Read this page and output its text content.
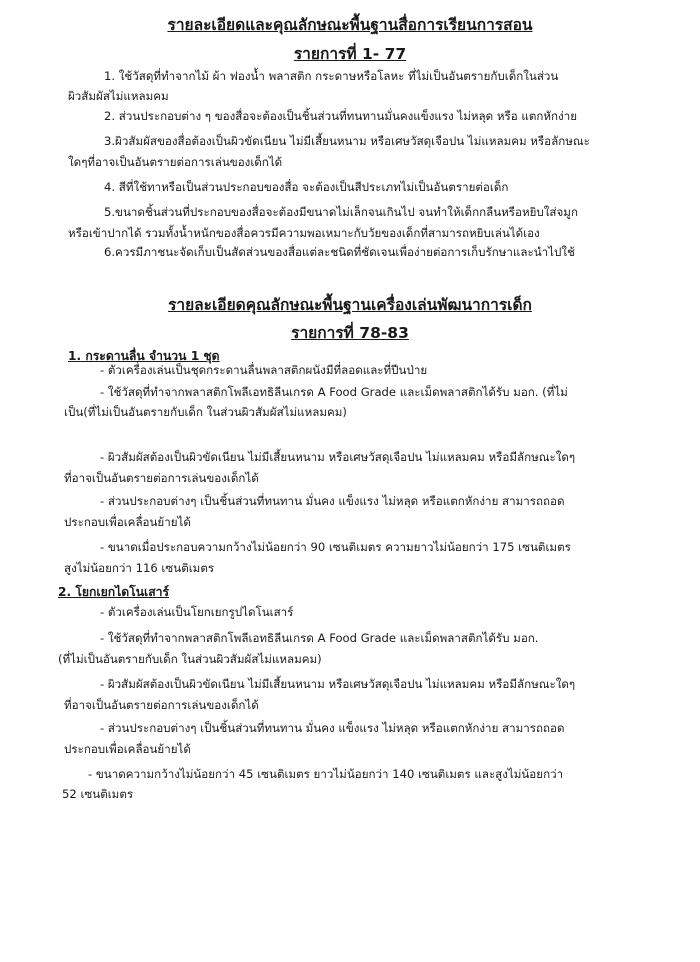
รายละเอียดและคุณลักษณะพื้นฐานสื่อการเรียนการสอน
รายการที่ 1- 77
1. ใช้วัสดุที่ทำจากไม้ ผ้า ฟองน้ำ พลาสติก กระดาษหรือโลหะ ที่ไม่เป็นอันตรายกับเด็กในส่วน
ผิวสัมผัสไม่แหลมคม
2. ส่วนประกอบต่าง ๆ ของสื่อจะต้องเป็นชิ้นส่วนที่ทนทานมั่นคงแข็งแรง ไม่หลุด หรือ แตกหักง่าย
3.ผิวสัมผัสของสื่อต้องเป็นผิวขัดเนียน ไม่มีเสี้ยนหนาม หรือเศษวัสดุเจือปน ไม่แหลมคม หรือลักษณะ
ใดๆที่อาจเป็นอันตรายต่อการเล่นของเด็กได้
4. สีที่ใช้ทาหรือเป็นส่วนประกอบของสื่อ จะต้องเป็นสีประเภทไม่เป็นอันตรายต่อเด็ก
5.ขนาดชิ้นส่วนที่ประกอบของสื่อจะต้องมีขนาดไม่เล็กจนเกินไป จนทำให้เด็กกลืนหรือหยิบใส่จมูก
หรือเข้าปากได้ รวมทั้งน้ำหนักของสื่อควรมีความพอเหมาะกับวัยของเด็กที่สามารถหยิบเล่นได้เอง
6.ควรมีภาชนะจัดเก็บเป็นสัดส่วนของสื่อแต่ละชนิดที่ชัดเจนเพื่อง่ายต่อการเก็บรักษาและนำไปใช้
รายละเอียดคุณลักษณะพื้นฐานเครื่องเล่นพัฒนาการเด็ก
รายการที่ 78-83
1. กระดานลื่น จำนวน 1 ชุด
- ตัวเครื่องเล่นเป็นชุดกระดานลื่นพลาสติกผนังมีที่ลอดและที่ปีนป่าย
- ใช้วัสดุที่ทำจากพลาสติกโพลีเอทธิลีนเกรด A Food Grade และเม็ดพลาสติกได้รับ มอก. (ที่ไม่
เป็น(ที่ไม่เป็นอันตรายกับเด็ก ในส่วนผิวสัมผัสไม่แหลมคม)
- ผิวสัมผัสต้องเป็นผิวขัดเนียน ไม่มีเสี้ยนหนาม หรือเศษวัสดุเจือปน ไม่แหลมคม หรือมีลักษณะใดๆ
ที่อาจเป็นอันตรายต่อการเล่นของเด็กได้
- ส่วนประกอบต่างๆ เป็นชิ้นส่วนที่ทนทาน มั่นคง แข็งแรง ไม่หลุด หรือแตกหักง่าย สามารถถอด
ประกอบเพื่อเคลื่อนย้ายได้
- ขนาดเมื่อประกอบความกว้างไม่น้อยกว่า 90 เซนติเมตร ความยาวไม่น้อยกว่า 175 เซนติเมตร
สูงไม่น้อยกว่า 116 เซนติเมตร
2. โยกเยกไดโนเสาร์
- ตัวเครื่องเล่นเป็นโยกเยกรูปไดโนเสาร์
- ใช้วัสดุที่ทำจากพลาสติกโพลีเอทธิลีนเกรด A Food Grade และเม็ดพลาสติกได้รับ มอก.
(ที่ไม่เป็นอันตรายกับเด็ก ในส่วนผิวสัมผัสไม่แหลมคม)
- ผิวสัมผัสต้องเป็นผิวขัดเนียน ไม่มีเสี้ยนหนาม หรือเศษวัสดุเจือปน ไม่แหลมคม หรือมีลักษณะใดๆ
ที่อาจเป็นอันตรายต่อการเล่นของเด็กได้
- ส่วนประกอบต่างๆ เป็นชิ้นส่วนที่ทนทาน มั่นคง แข็งแรง ไม่หลุด หรือแตกหักง่าย สามารถถอด
ประกอบเพื่อเคลื่อนย้ายได้
- ขนาดความกว้างไม่น้อยกว่า 45 เซนติเมตร ยาวไม่น้อยกว่า 140 เซนติเมตร และสูงไม่น้อยกว่า
52 เซนติเมตร
